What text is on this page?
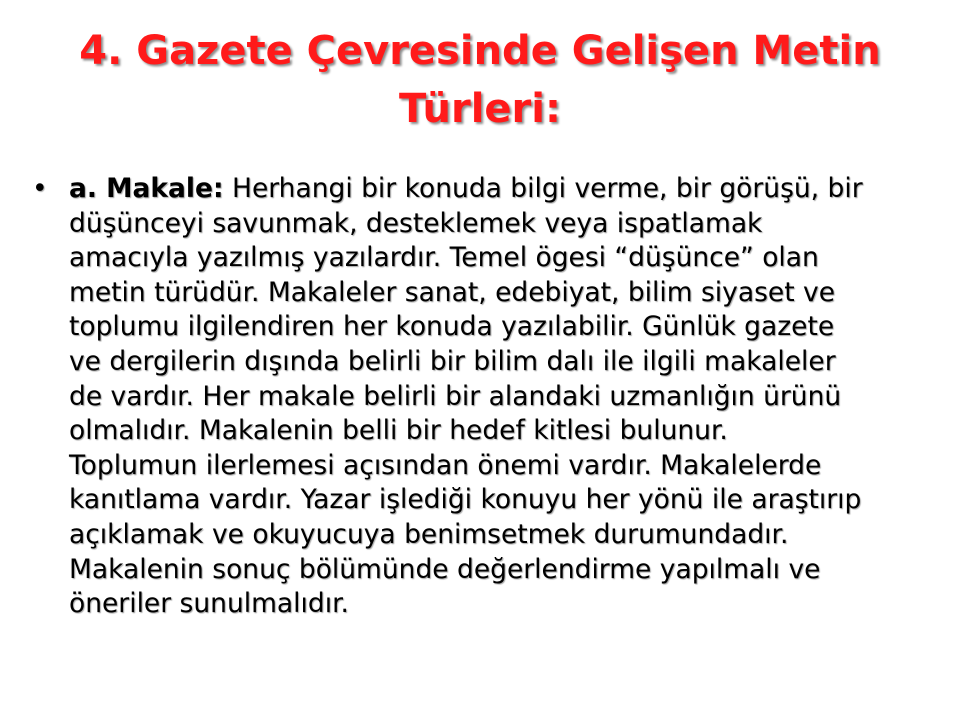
4. Gazete Çevresinde Gelişen Metin
Türleri:
• a. Makale: Herhangi bir konuda bilgi verme, bir görüşü, bir
düşünceyi savunmak, desteklemek veya ispatlamak
amacıyla yazılmış yazılardır. Temel ögesi “düşünce” olan
metin türüdür. Makaleler sanat, edebiyat, bilim siyaset ve
toplumu ilgilendiren her konuda yazılabilir. Günlük gazete
ve dergilerin dışında belirli bir bilim dalı ile ilgili makaleler
de vardır. Her makale belirli bir alandaki uzmanlığın ürünü
olmalıdır. Makalenin belli bir hedef kitlesi bulunur.
Toplumun ilerlemesi açısından önemi vardır. Makalelerde
kanıtlama vardır. Yazar işlediği konuyu her yönü ile araştırıp
açıklamak ve okuyucuya benimsetmek durumundadır.
Makalenin sonuç bölümünde değerlendirme yapılmalı ve
öneriler sunulmalıdır.
